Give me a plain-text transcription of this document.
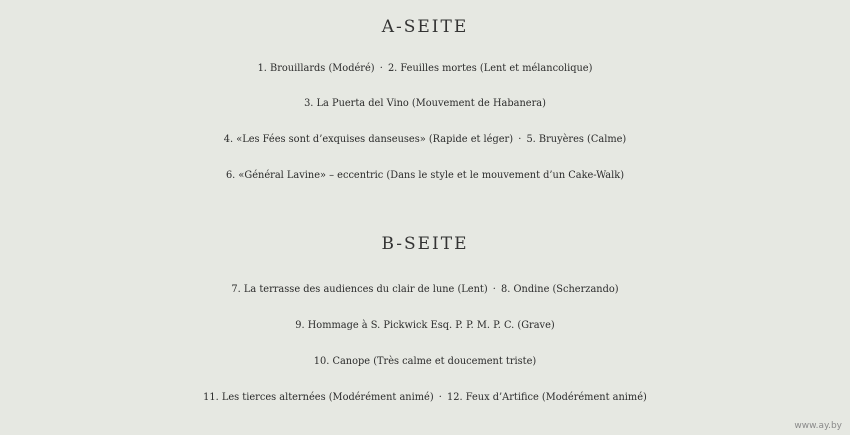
A-SEITE
1. Brouillards (Modéré) · 2. Feuilles mortes (Lent et mélancolique)
3. La Puerta del Vino (Mouvement de Habanera)
4. «Les Fées sont d’exquises danseuses» (Rapide et léger) · 5. Bruyères (Calme)
6. «Général Lavine» – eccentric (Dans le style et le mouvement d’un Cake-Walk)
B-SEITE
7. La terrasse des audiences du clair de lune (Lent) · 8. Ondine (Scherzando)
9. Hommage à S. Pickwick Esq. P. P. M. P. C. (Grave)
10. Canope (Très calme et doucement triste)
11. Les tierces alternées (Modérément animé) · 12. Feux d’Artifice (Modérément animé)
www.ay.by
